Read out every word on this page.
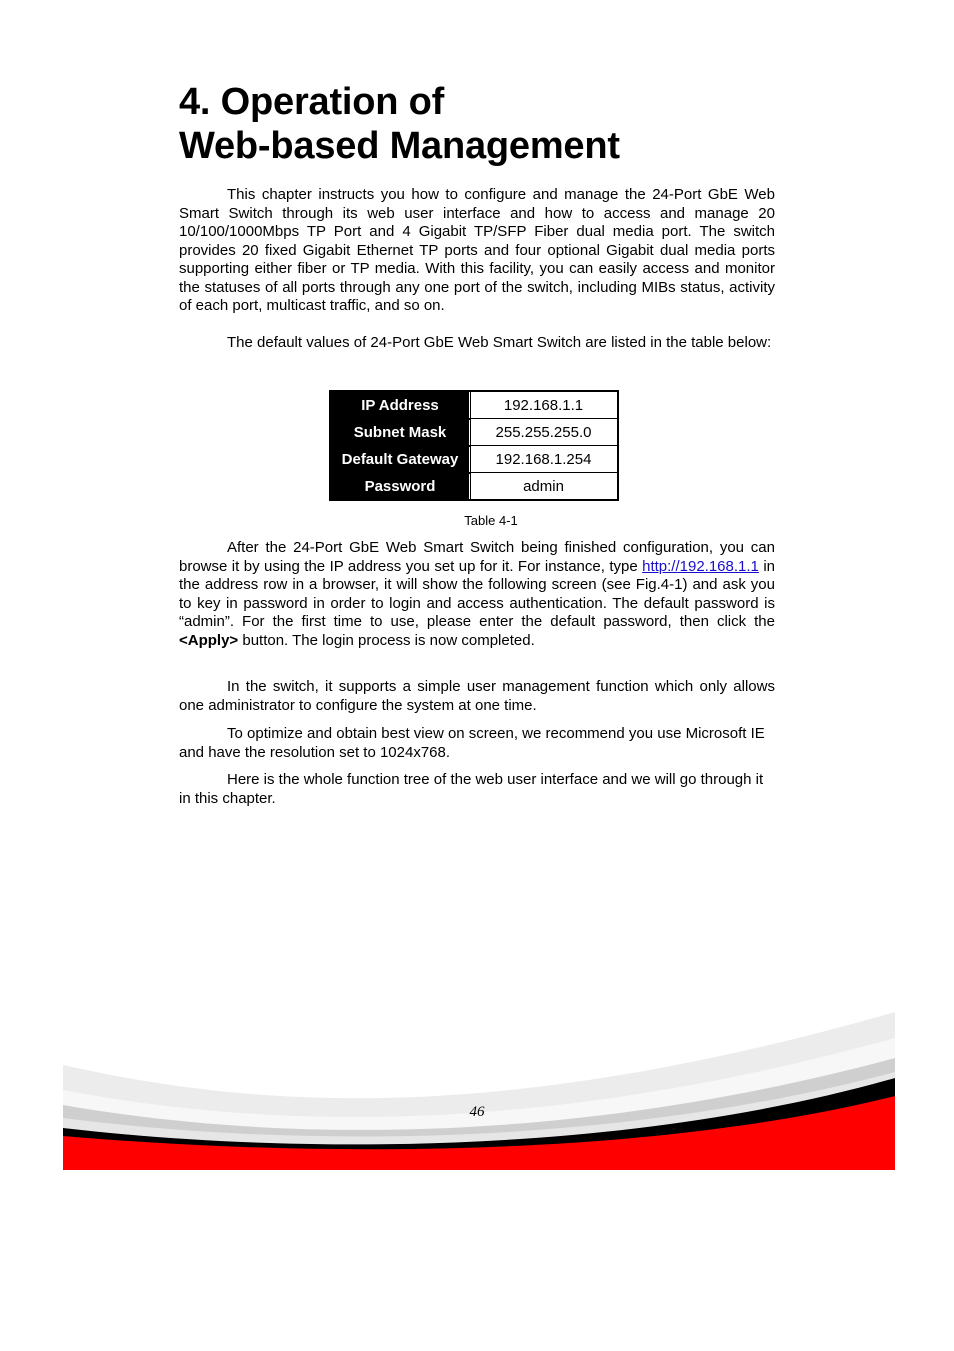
4. Operation of
Web-based Management

This chapter instructs you how to configure and manage the 24-Port GbE Web Smart Switch through its web user interface and how to access and manage 20 10/100/1000Mbps TP Port and 4 Gigabit TP/SFP Fiber dual media port. The switch provides 20 fixed Gigabit Ethernet TP ports and four optional Gigabit dual media ports supporting either fiber or TP media. With this facility, you can easily access and monitor the statuses of all ports through any one port of the switch, including MIBs status, activity of each port, multicast traffic, and so on.

The default values of 24-Port GbE Web Smart Switch are listed in the table below:

IP Address	192.168.1.1
Subnet Mask	255.255.255.0
Default Gateway	192.168.1.254
Password	admin
Table 4-1

After the 24-Port GbE Web Smart Switch being finished configuration, you can browse it by using the IP address you set up for it. For instance, type http://192.168.1.1 in the address row in a browser, it will show the following screen (see Fig.4-1) and ask you to key in password in order to login and access authentication. The default password is “admin”. For the first time to use, please enter the default password, then click the <Apply> button. The login process is now completed.

In the switch, it supports a simple user management function which only allows one administrator to configure the system at one time.

To optimize and obtain best view on screen, we recommend you use Microsoft IE and have the resolution set to 1024x768.

Here is the whole function tree of the web user interface and we will go through it in this chapter.

46
